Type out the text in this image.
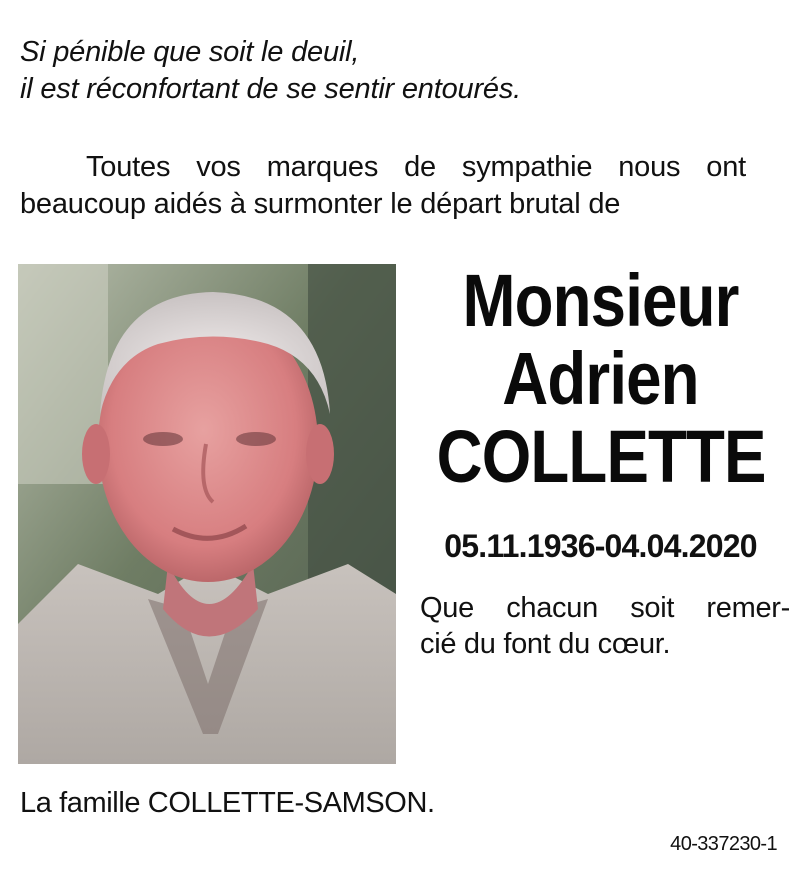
Si pénible que soit le deuil,
il est réconfortant de se sentir entourés.
Toutes vos marques de sympathie nous ont
beaucoup aidés à surmonter le départ brutal de
Monsieur
Adrien
COLLETTE
05.11.1936-04.04.2020
Que chacun soit remer-
cié du font du cœur.
La famille COLLETTE-SAMSON.
40-337230-1
